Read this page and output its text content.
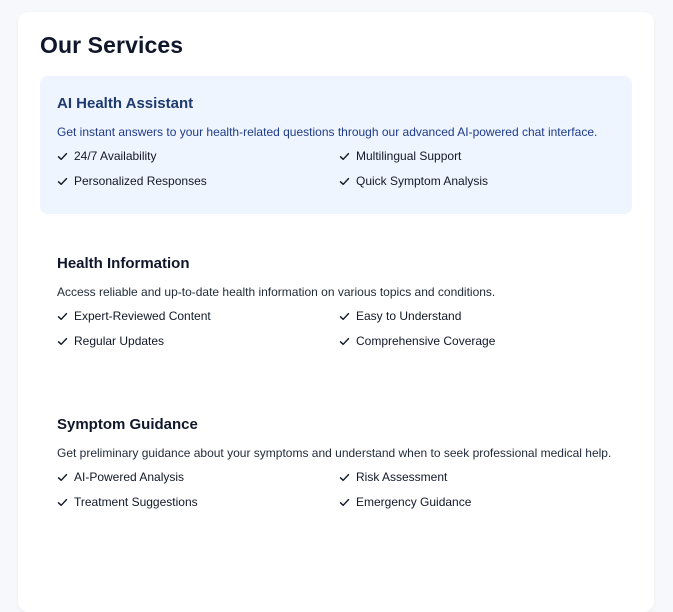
Our Services
AI Health Assistant

Get instant answers to your health-related questions through our advanced AI-powered chat interface.

24/7 Availability	Multilingual Support
Personalized Responses	Quick Symptom Analysis
Health Information

Access reliable and up-to-date health information on various topics and conditions.

Expert-Reviewed Content	Easy to Understand
Regular Updates	Comprehensive Coverage
Symptom Guidance

Get preliminary guidance about your symptoms and understand when to seek professional medical help.

AI-Powered Analysis	Risk Assessment
Treatment Suggestions	Emergency Guidance
